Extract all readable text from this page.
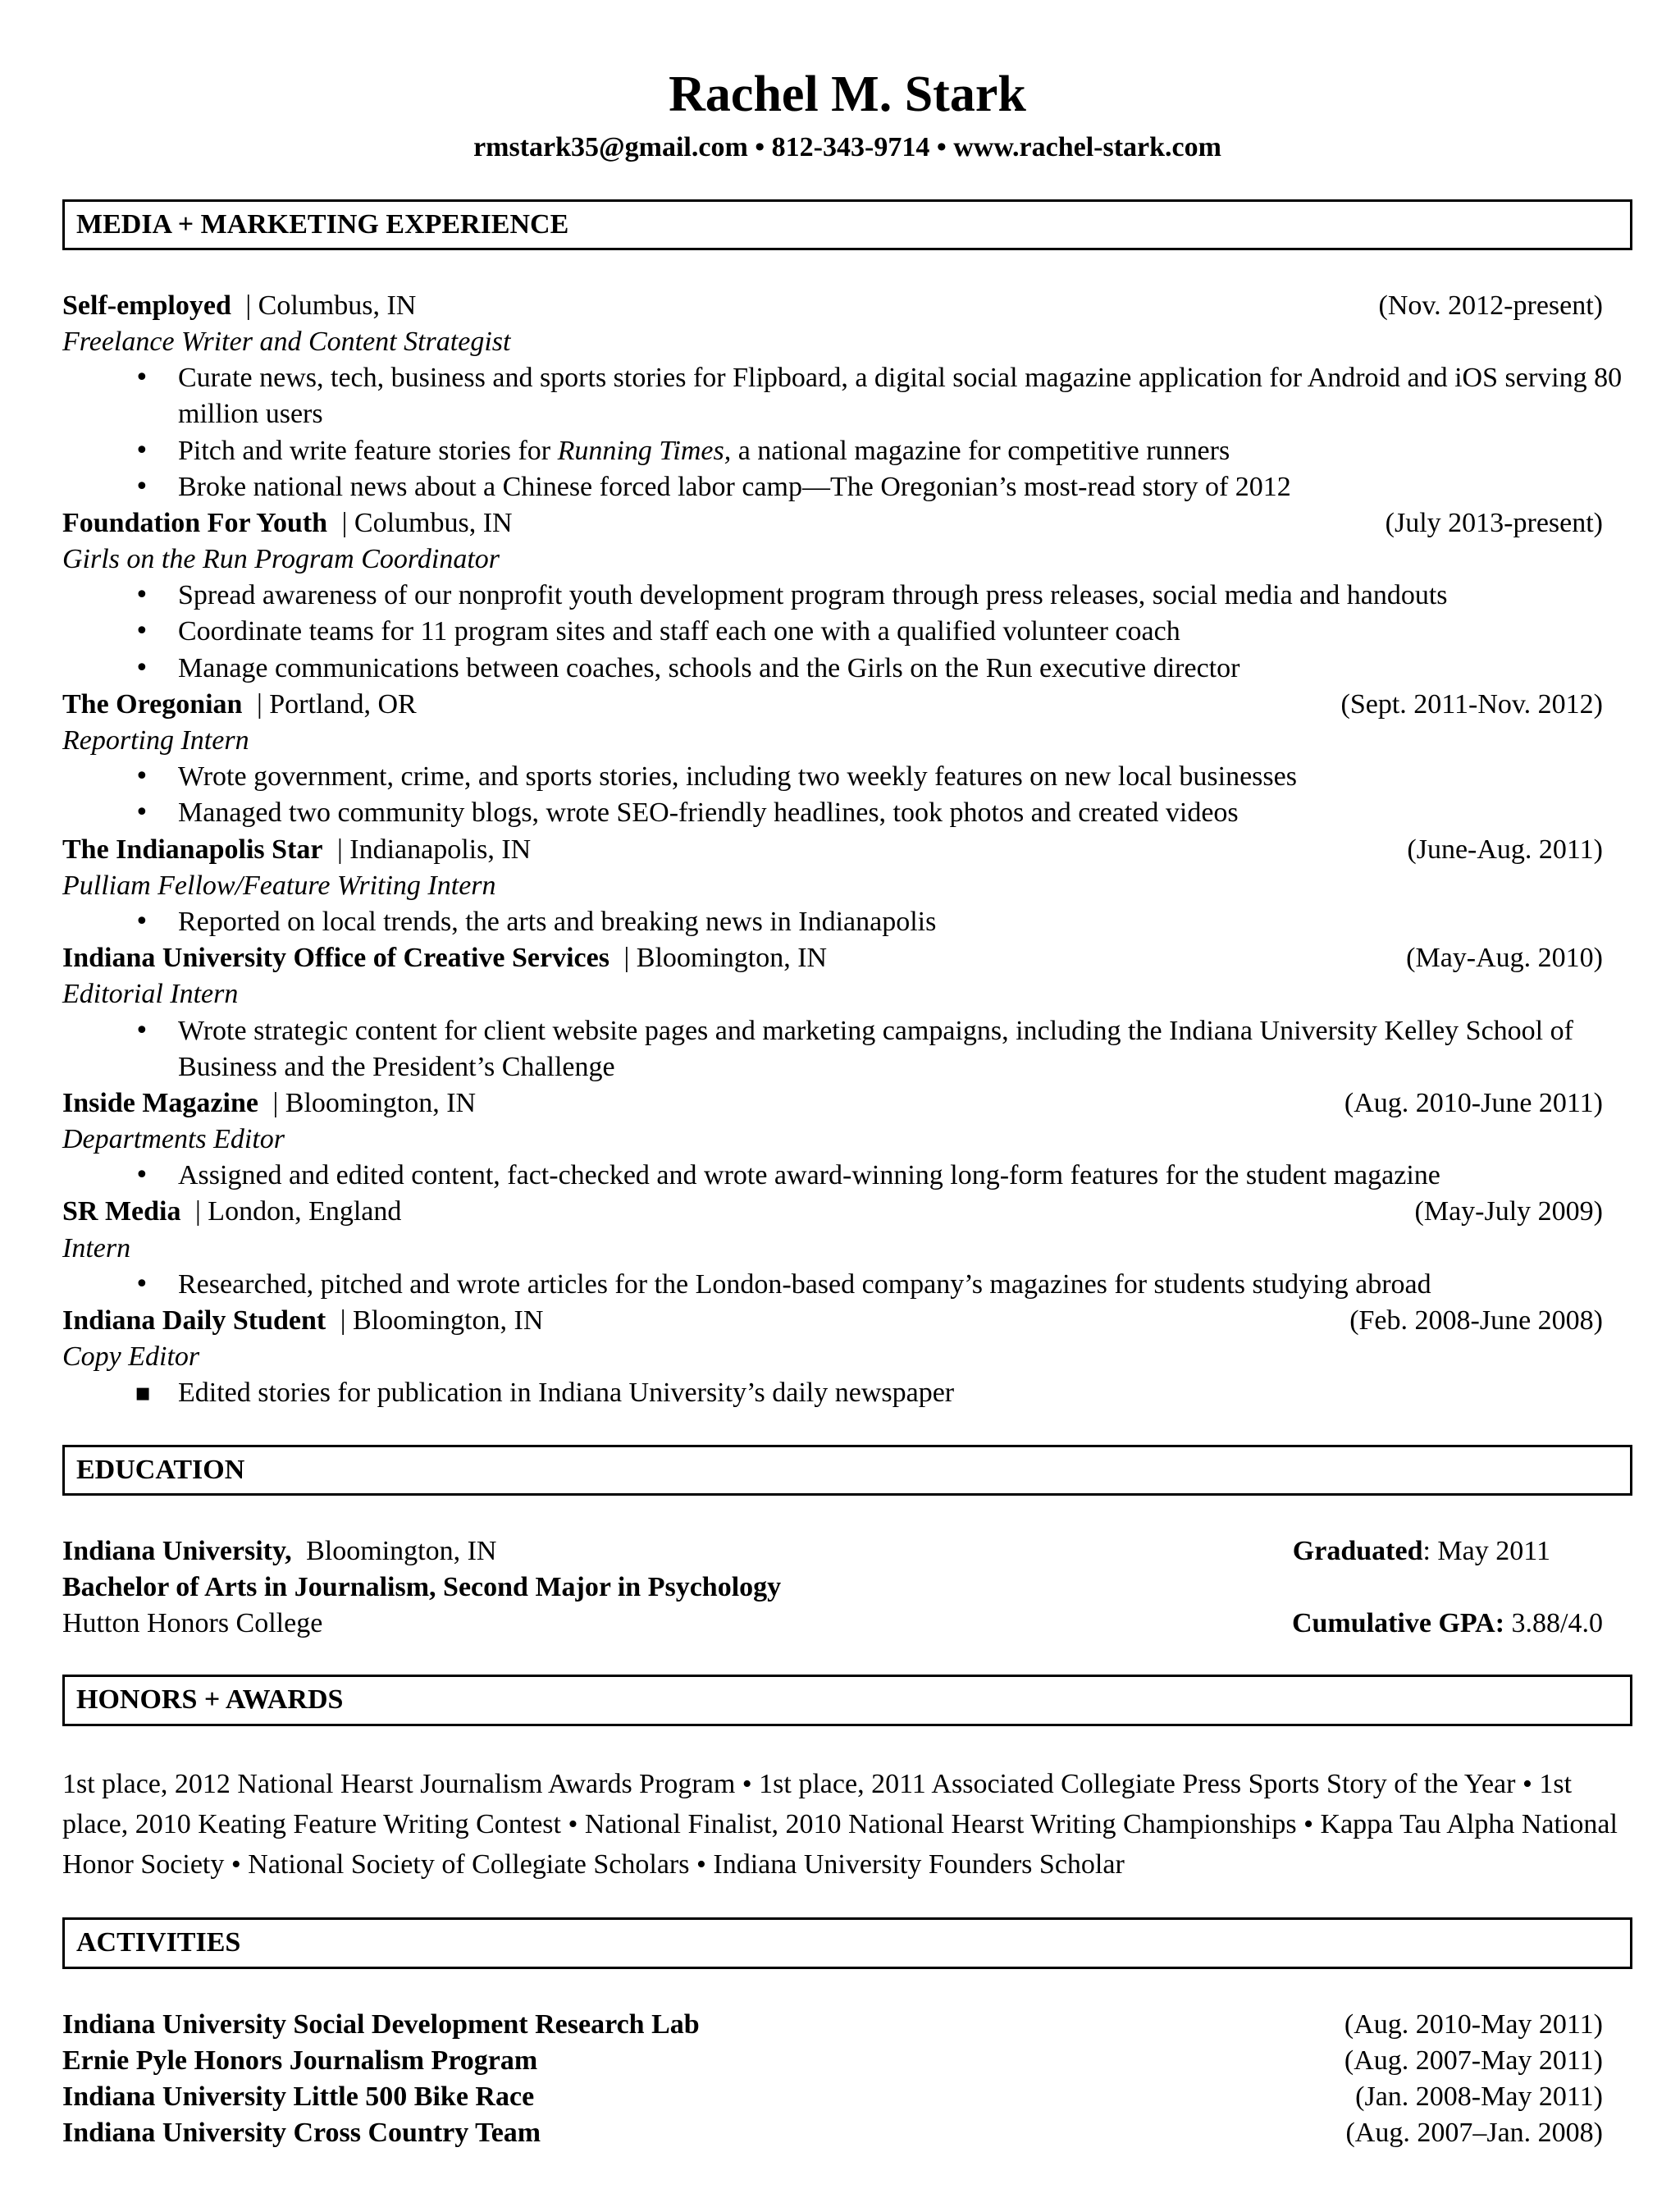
Rachel M. Stark
rmstark35@gmail.com • 812-343-9714 • www.rachel-stark.com
MEDIA + MARKETING EXPERIENCE
Self-employed | Columbus, IN	(Nov. 2012-present)
Freelance Writer and Content Strategist
•	Curate news, tech, business and sports stories for Flipboard, a digital social magazine application for Android and iOS serving 80 million users
•	Pitch and write feature stories for Running Times, a national magazine for competitive runners
•	Broke national news about a Chinese forced labor camp—The Oregonian’s most-read story of 2012
Foundation For Youth | Columbus, IN	(July 2013-present)
Girls on the Run Program Coordinator
•	Spread awareness of our nonprofit youth development program through press releases, social media and handouts
•	Coordinate teams for 11 program sites and staff each one with a qualified volunteer coach
•	Manage communications between coaches, schools and the Girls on the Run executive director
The Oregonian | Portland, OR	(Sept. 2011-Nov. 2012)
Reporting Intern
•	Wrote government, crime, and sports stories, including two weekly features on new local businesses
•	Managed two community blogs, wrote SEO-friendly headlines, took photos and created videos
The Indianapolis Star | Indianapolis, IN	(June-Aug. 2011)
Pulliam Fellow/Feature Writing Intern
•	Reported on local trends, the arts and breaking news in Indianapolis
Indiana University Office of Creative Services | Bloomington, IN	(May-Aug. 2010)
Editorial Intern
•	Wrote strategic content for client website pages and marketing campaigns, including the Indiana University Kelley School of Business and the President’s Challenge
Inside Magazine | Bloomington, IN	(Aug. 2010-June 2011)
Departments Editor
•	Assigned and edited content, fact-checked and wrote award-winning long-form features for the student magazine
SR Media | London, England	(May-July 2009)
Intern
•	Researched, pitched and wrote articles for the London-based company’s magazines for students studying abroad
Indiana Daily Student | Bloomington, IN	(Feb. 2008-June 2008)
Copy Editor
▪ Edited stories for publication in Indiana University’s daily newspaper
EDUCATION
Indiana University, Bloomington, IN	Graduated: May 2011
Bachelor of Arts in Journalism, Second Major in Psychology
Hutton Honors College	Cumulative GPA: 3.88/4.0
HONORS + AWARDS
1st place, 2012 National Hearst Journalism Awards Program • 1st place, 2011 Associated Collegiate Press Sports Story of the Year • 1st place, 2010 Keating Feature Writing Contest • National Finalist, 2010 National Hearst Writing Championships • Kappa Tau Alpha National Honor Society • National Society of Collegiate Scholars • Indiana University Founders Scholar
ACTIVITIES
Indiana University Social Development Research Lab	(Aug. 2010-May 2011)
Ernie Pyle Honors Journalism Program	(Aug. 2007-May 2011)
Indiana University Little 500 Bike Race	(Jan. 2008-May 2011)
Indiana University Cross Country Team	(Aug. 2007–Jan. 2008)
